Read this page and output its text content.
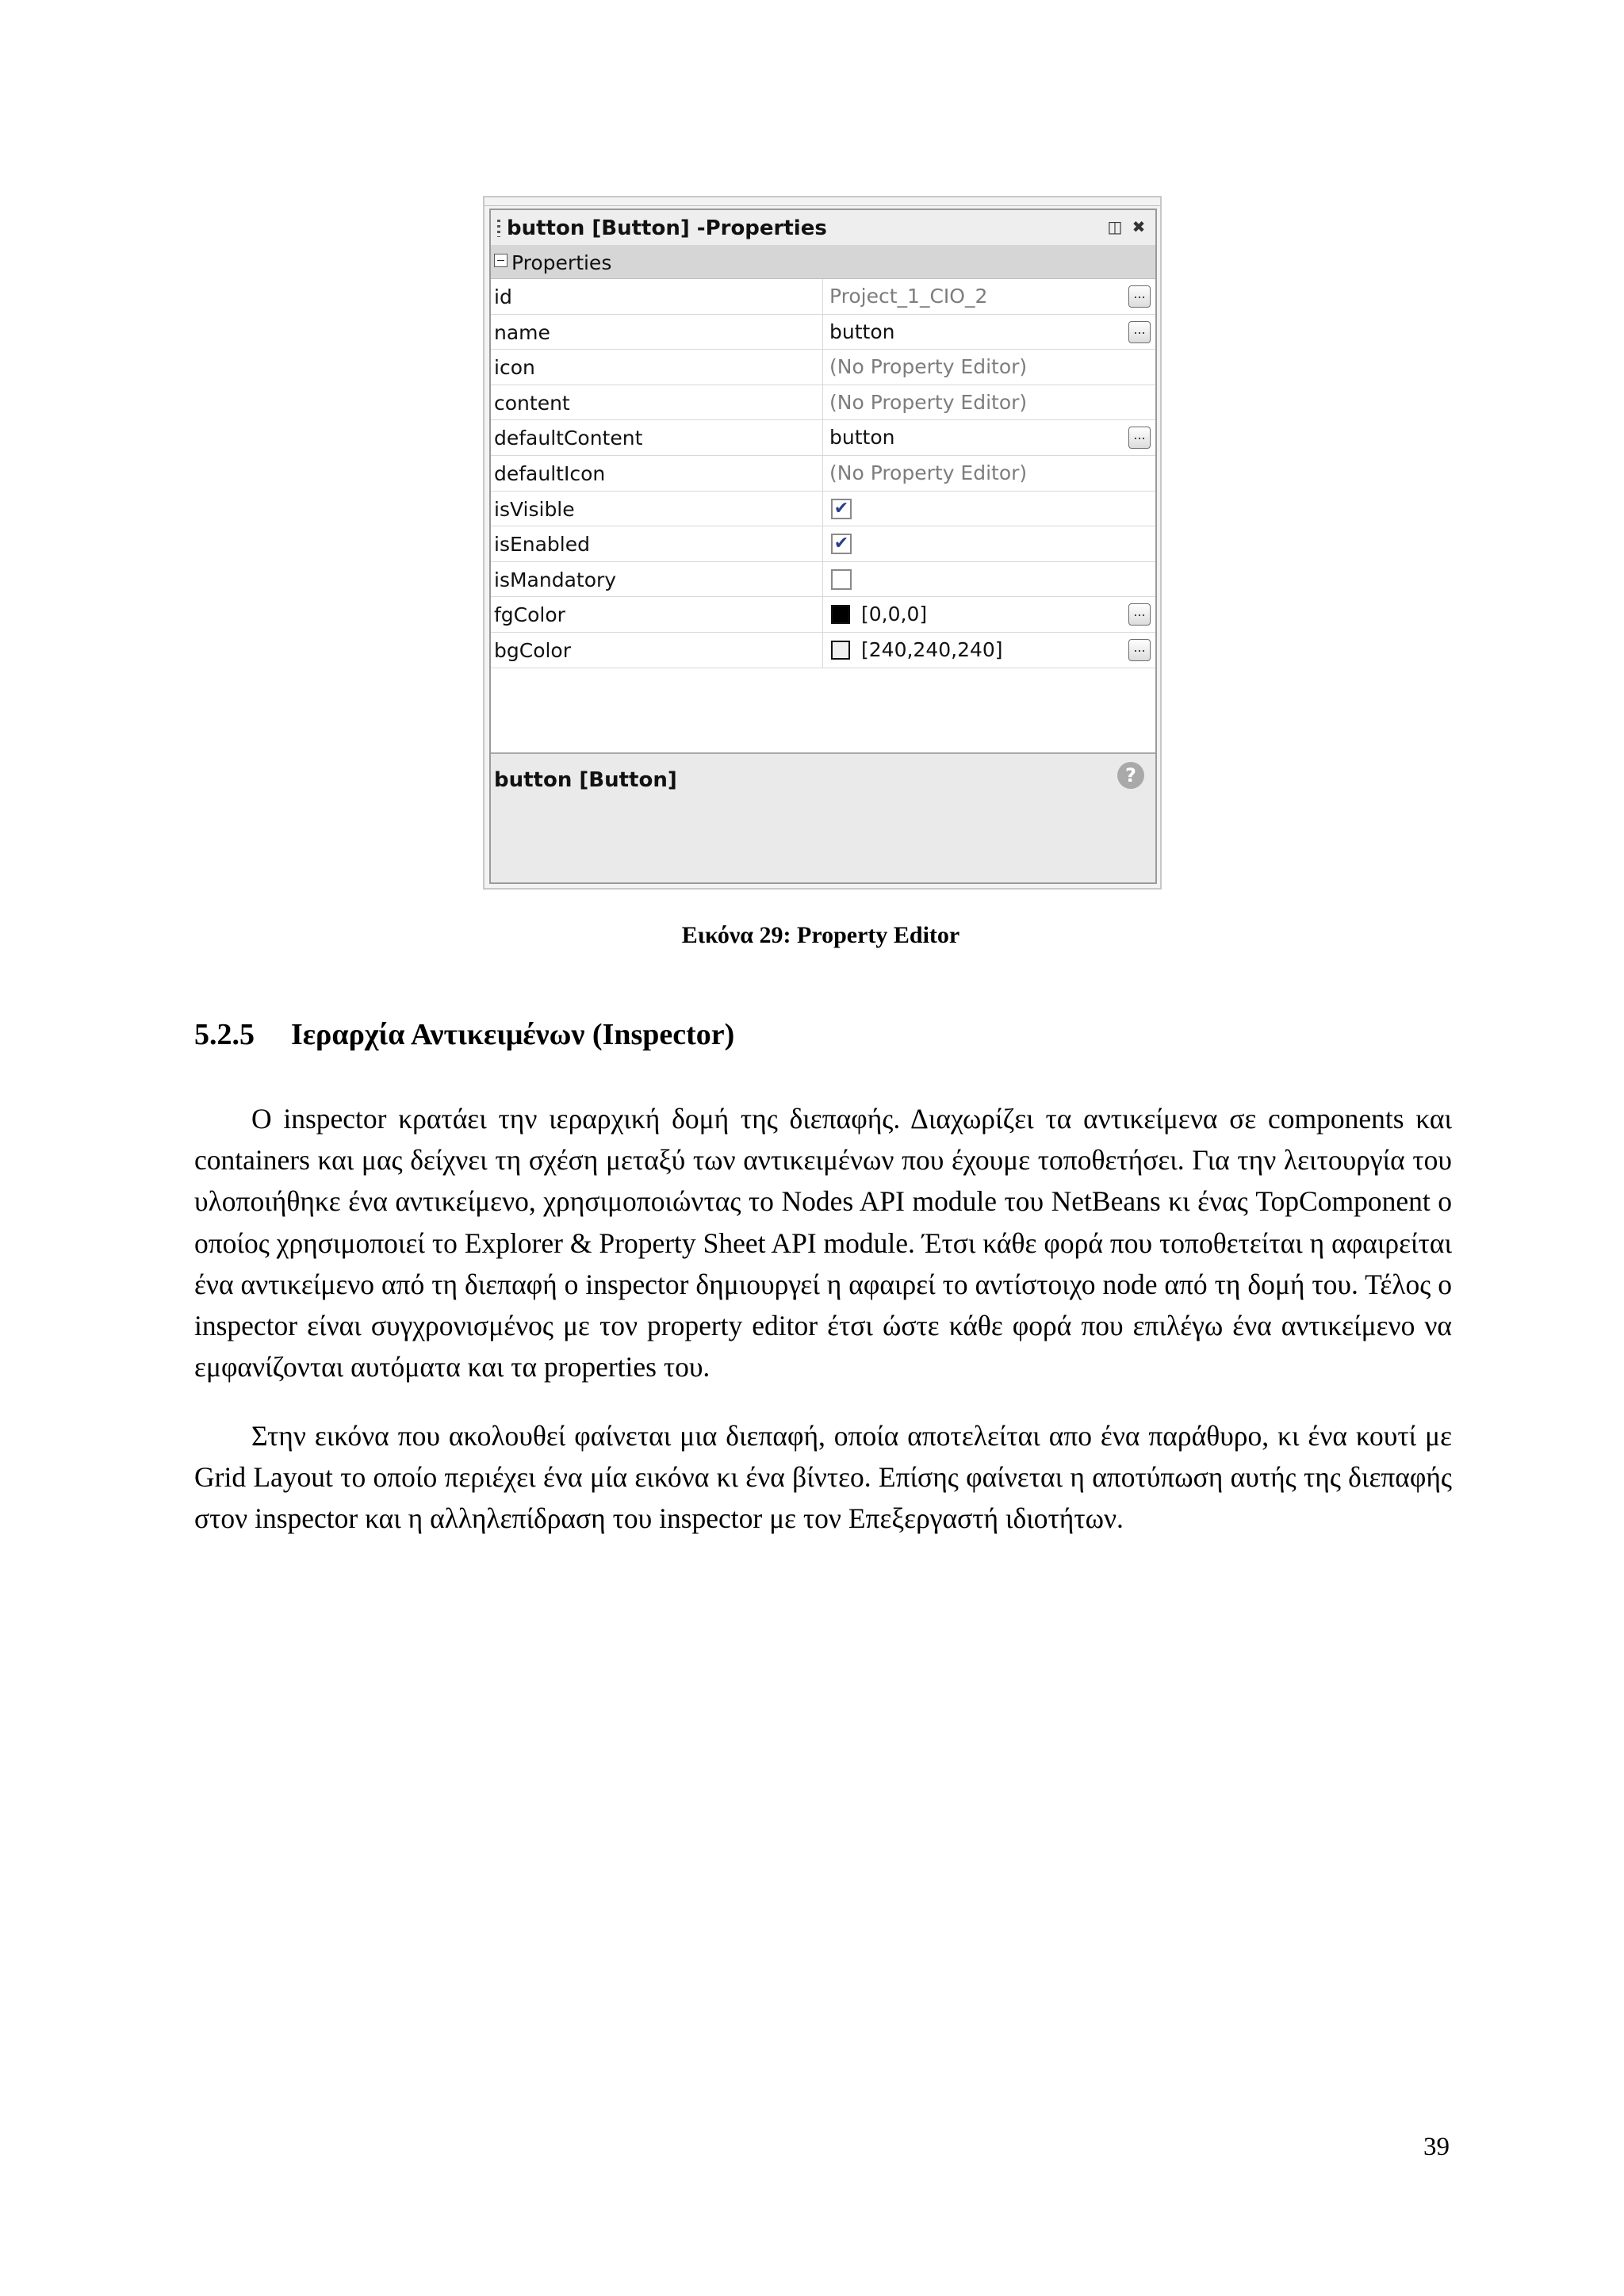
button [Button] -Properties	◫ ✖
Properties
id	Project_1_CIO_2	...
name	button	...
icon	(No Property Editor)
content	(No Property Editor)
defaultContent	button	...
defaultIcon	(No Property Editor)
isVisible	✔
isEnabled	✔
isMandatory
fgColor	[0,0,0]	...
bgColor	[240,240,240]	...
button [Button]	?
Εικόνα 29: Property Editor
5.2.5 Ιεραρχία Αντικειμένων (Inspector)

Ο inspector κρατάει την ιεραρχική δομή της διεπαφής. Διαχωρίζει τα αντικείμενα σε components και containers και μας δείχνει τη σχέση μεταξύ των αντικειμένων που έχουμε τοποθετήσει. Για την λειτουργία του υλοποιήθηκε ένα αντικείμενο, χρησιμοποιώντας το Nodes API module του NetBeans κι ένας TopComponent ο οποίος χρησιμοποιεί το Explorer & Property Sheet API module. Έτσι κάθε φορά που τοποθετείται η αφαιρείται ένα αντικείμενο από τη διεπαφή ο inspector δημιουργεί η αφαιρεί το αντίστοιχο node από τη δομή του. Τέλος ο inspector είναι συγχρονισμένος με τον property editor έτσι ώστε κάθε φορά που επιλέγω ένα αντικείμενο να εμφανίζονται αυτόματα και τα properties του.

Στην εικόνα που ακολουθεί φαίνεται μια διεπαφή, οποία αποτελείται απο ένα παράθυρο, κι ένα κουτί με Grid Layout το οποίο περιέχει ένα μία εικόνα κι ένα βίντεο. Επίσης φαίνεται η αποτύπωση αυτής της διεπαφής στον inspector και η αλληλεπίδραση του inspector με τον Επεξεργαστή ιδιοτήτων.

39
